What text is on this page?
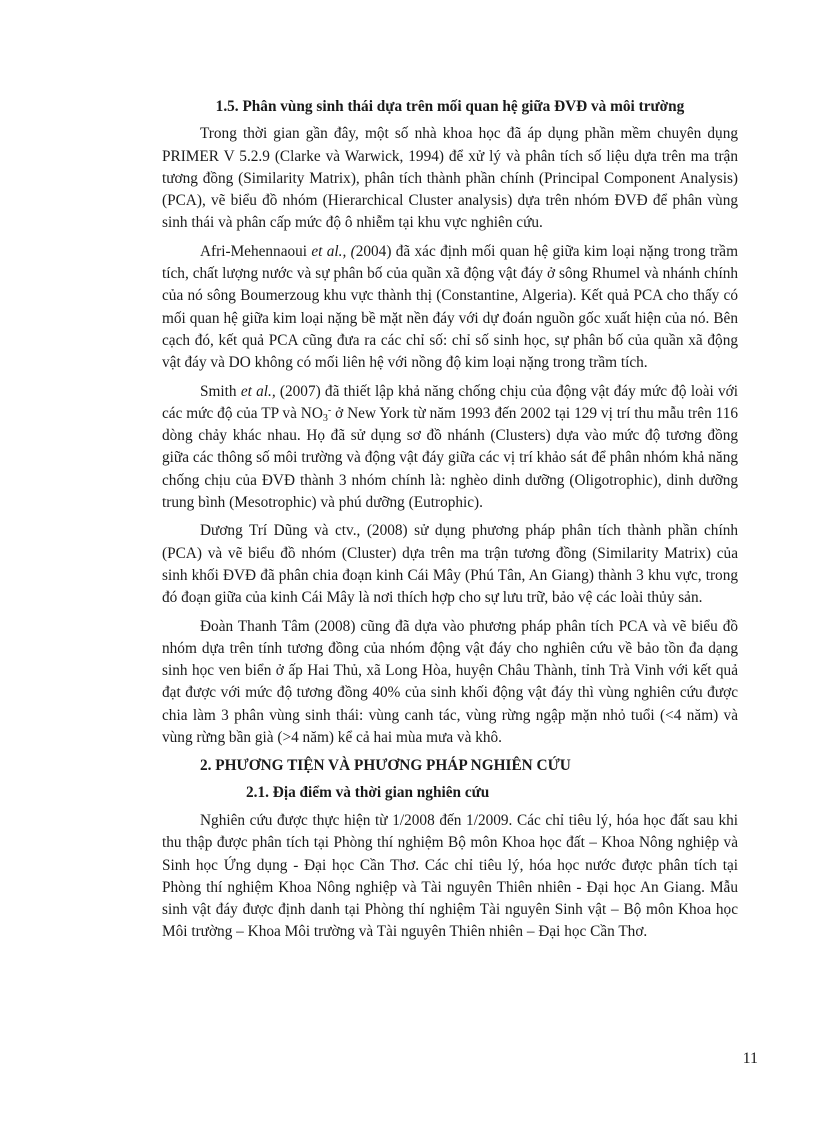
1.5. Phân vùng sinh thái dựa trên mối quan hệ giữa ĐVĐ và môi trường

Trong thời gian gần đây, một số nhà khoa học đã áp dụng phần mềm chuyên dụng PRIMER V 5.2.9 (Clarke và Warwick, 1994) để xử lý và phân tích số liệu dựa trên ma trận tương đồng (Similarity Matrix), phân tích thành phần chính (Principal Component Analysis) (PCA), vẽ biểu đồ nhóm (Hierarchical Cluster analysis) dựa trên nhóm ĐVĐ để phân vùng sinh thái và phân cấp mức độ ô nhiễm tại khu vực nghiên cứu.

Afri-Mehennaoui et al., (2004) đã xác định mối quan hệ giữa kim loại nặng trong trầm tích, chất lượng nước và sự phân bố của quần xã động vật đáy ở sông Rhumel và nhánh chính của nó sông Boumerzoug khu vực thành thị (Constantine, Algeria). Kết quả PCA cho thấy có mối quan hệ giữa kim loại nặng bề mặt nền đáy với dự đoán nguồn gốc xuất hiện của nó. Bên cạch đó, kết quả PCA cũng đưa ra các chỉ số: chỉ số sinh học, sự phân bố của quần xã động vật đáy và DO không có mối liên hệ với nồng độ kim loại nặng trong trầm tích.

Smith et al., (2007) đã thiết lập khả năng chống chịu của động vật đáy mức độ loài với các mức độ của TP và $NO_3^-$ ở New York từ năm 1993 đến 2002 tại 129 vị trí thu mẫu trên 116 dòng chảy khác nhau. Họ đã sử dụng sơ đồ nhánh (Clusters) dựa vào mức độ tương đồng giữa các thông số môi trường và động vật đáy giữa các vị trí khảo sát để phân nhóm khả năng chống chịu của ĐVĐ thành 3 nhóm chính là: nghèo dinh dưỡng (Oligotrophic), dinh dưỡng trung bình (Mesotrophic) và phú dưỡng (Eutrophic).

Dương Trí Dũng và ctv., (2008) sử dụng phương pháp phân tích thành phần chính (PCA) và vẽ biểu đồ nhóm (Cluster) dựa trên ma trận tương đồng (Similarity Matrix) của sinh khối ĐVĐ đã phân chia đoạn kinh Cái Mây (Phú Tân, An Giang) thành 3 khu vực, trong đó đoạn giữa của kinh Cái Mây là nơi thích hợp cho sự lưu trữ, bảo vệ các loài thủy sản.

Đoàn Thanh Tâm (2008) cũng đã dựa vào phương pháp phân tích PCA và vẽ biểu đồ nhóm dựa trên tính tương đồng của nhóm động vật đáy cho nghiên cứu về bảo tồn đa dạng sinh học ven biển ở ấp Hai Thủ, xã Long Hòa, huyện Châu Thành, tỉnh Trà Vinh với kết quả đạt được với mức độ tương đồng 40% của sinh khối động vật đáy thì vùng nghiên cứu được chia làm 3 phân vùng sinh thái: vùng canh tác, vùng rừng ngập mặn nhỏ tuổi (<4 năm) và vùng rừng bần già (>4 năm) kể cả hai mùa mưa và khô.

2. PHƯƠNG TIỆN VÀ PHƯƠNG PHÁP NGHIÊN CỨU
2.1. Địa điểm và thời gian nghiên cứu

Nghiên cứu được thực hiện từ 1/2008 đến 1/2009. Các chỉ tiêu lý, hóa học đất sau khi thu thập được phân tích tại Phòng thí nghiệm Bộ môn Khoa học đất – Khoa Nông nghiệp và Sinh học Ứng dụng - Đại học Cần Thơ. Các chỉ tiêu lý, hóa học nước được phân tích tại Phòng thí nghiệm Khoa Nông nghiệp và Tài nguyên Thiên nhiên - Đại học An Giang. Mẫu sinh vật đáy được định danh tại Phòng thí nghiệm Tài nguyên Sinh vật – Bộ môn Khoa học Môi trường – Khoa Môi trường và Tài nguyên Thiên nhiên – Đại học Cần Thơ.

11
